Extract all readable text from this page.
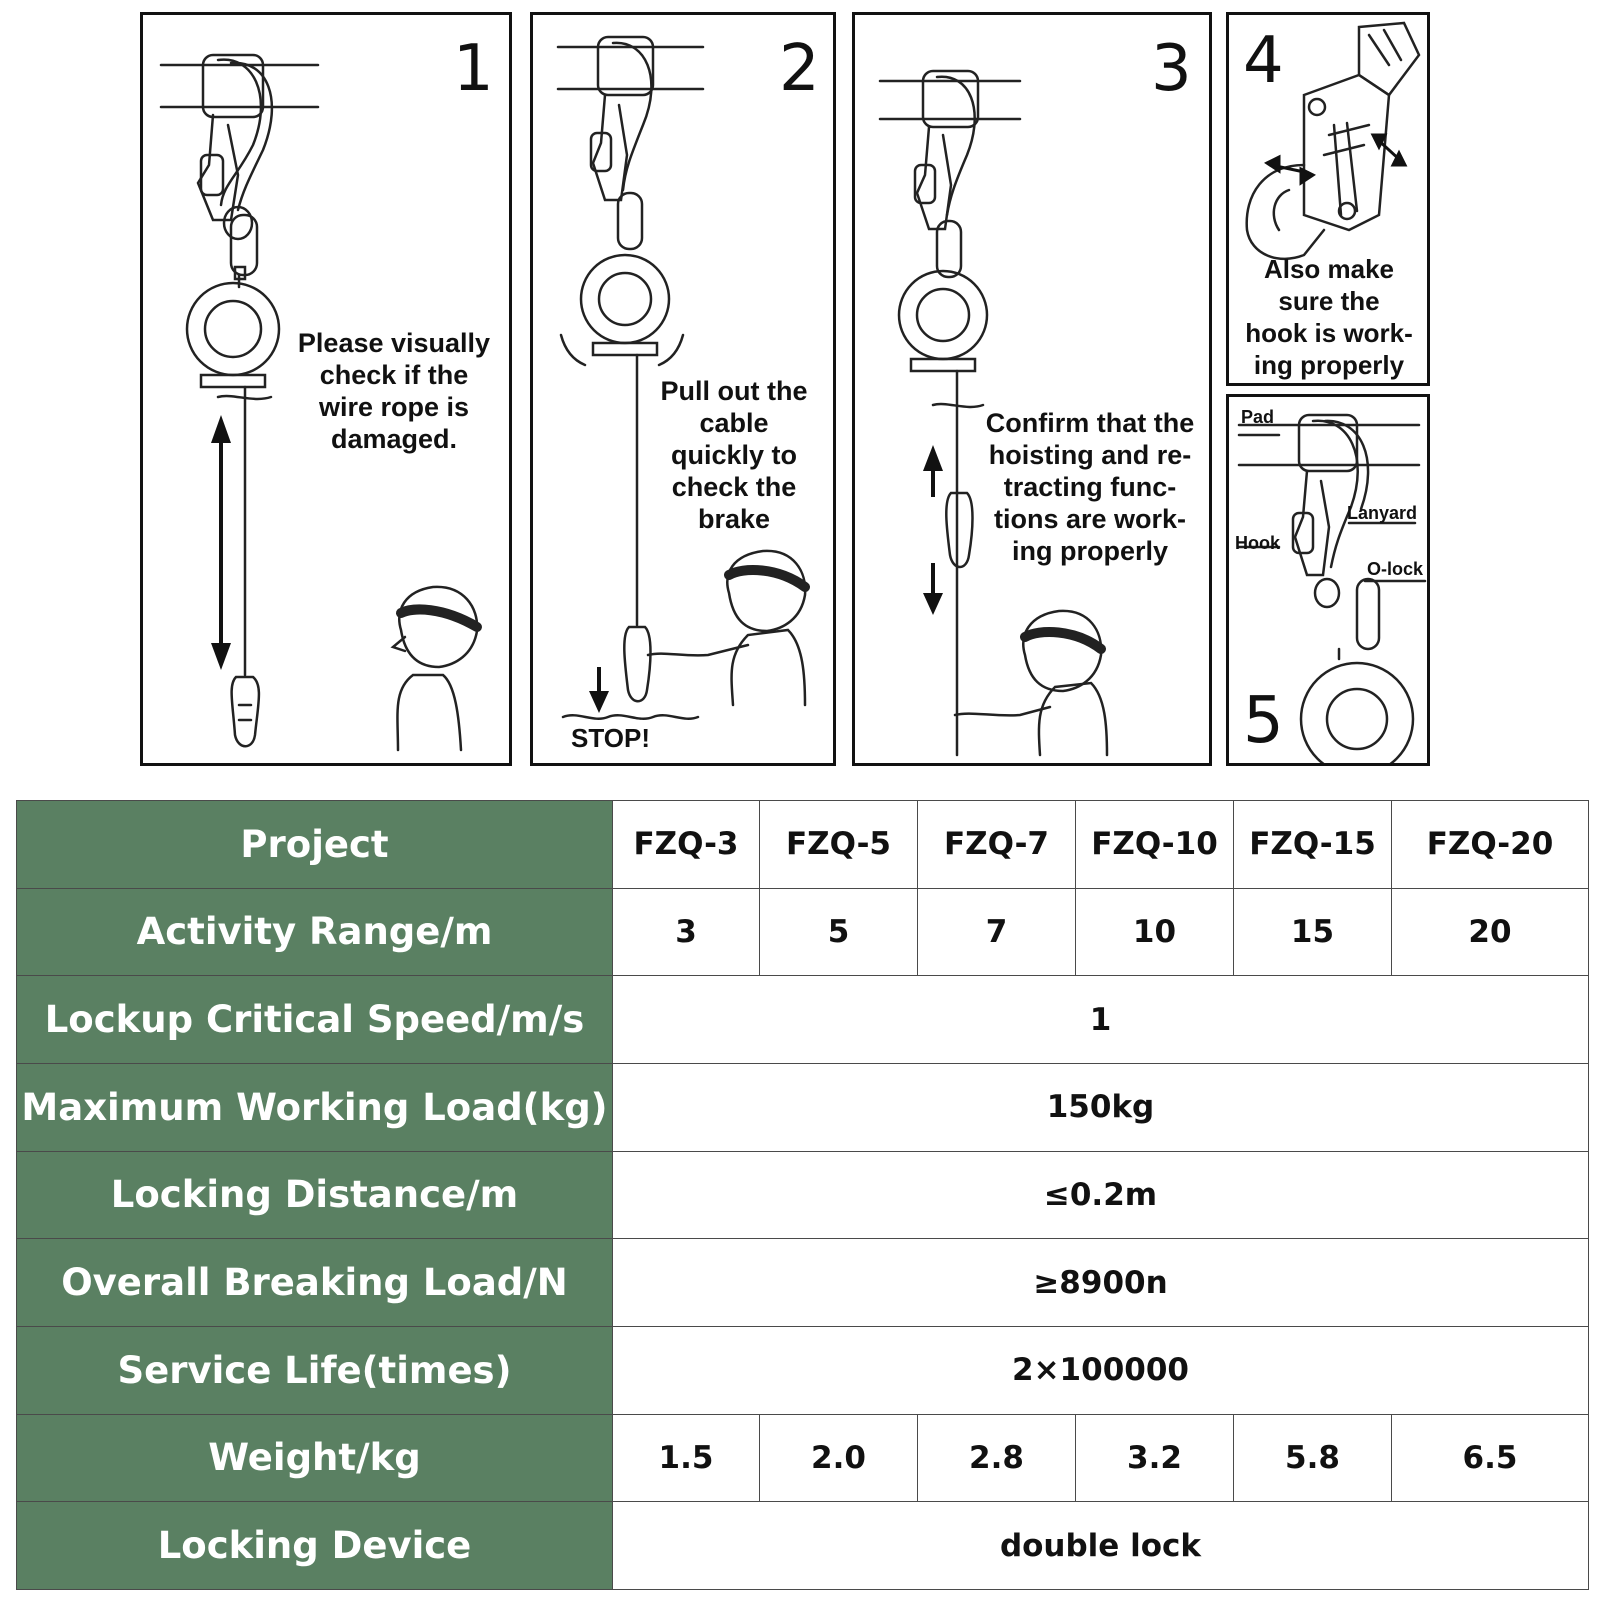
1
Please visually
check if the
wire rope is
damaged.
2
Pull out the
cable
quickly to
check the
brake
STOP!
3
Confirm that the
hoisting and re-
tracting func-
tions are work-
ing properly
4
Also make
sure the
hook is work-
ing properly
Pad
Lanyard
Hook
O-lock
5
Project	FZQ-3	FZQ-5	FZQ-7	FZQ-10	FZQ-15	FZQ-20
Activity Range/m	3	5	7	10	15	20
Lockup Critical Speed/m/s	1					
Maximum Working Load(kg)	150kg					
Locking Distance/m	≤0.2m					
Overall Breaking Load/N	≥8900n					
Service Life(times)	2×100000					
Weight/kg	1.5	2.0	2.8	3.2	5.8	6.5
Locking Device	double lock					
